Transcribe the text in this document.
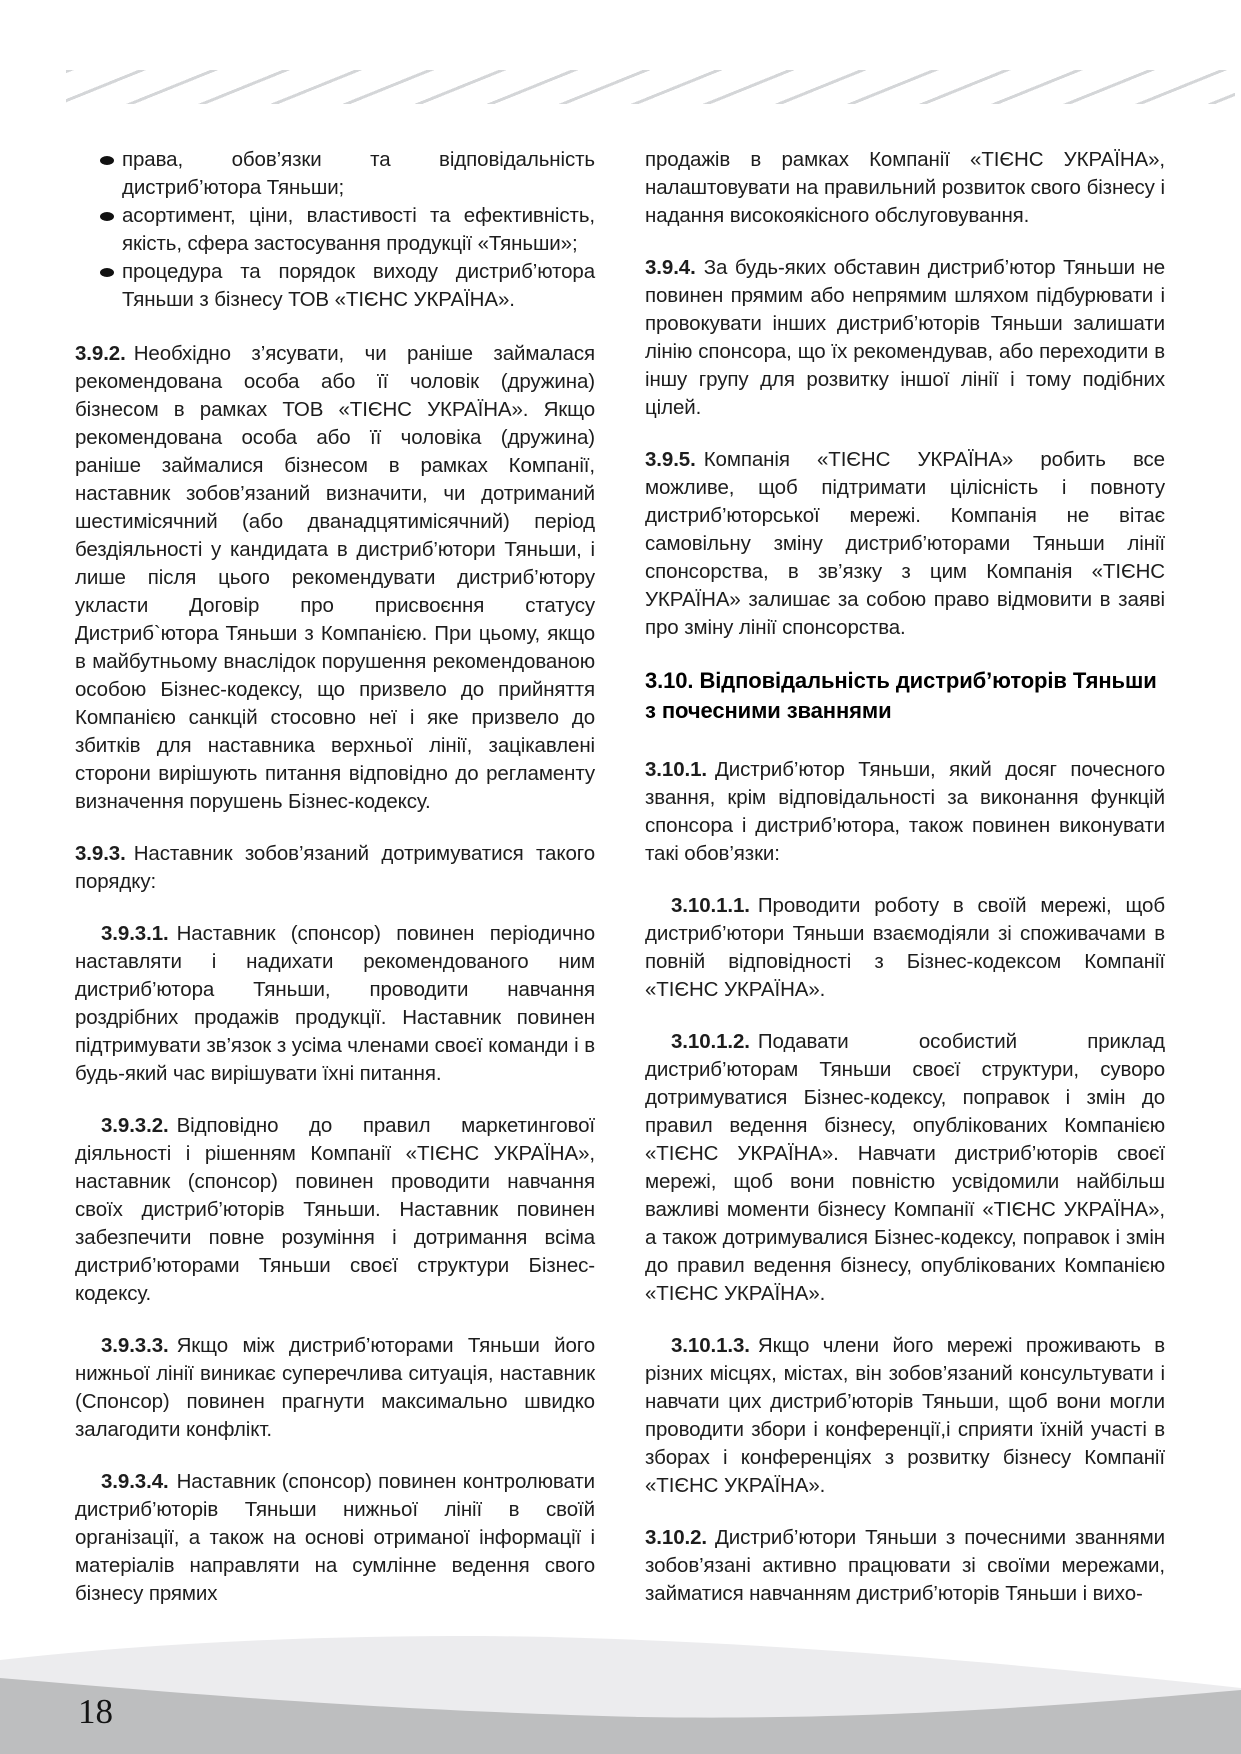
права, обов’язки та відповідальність дистриб’ютора Тяньши;
асортимент, ціни, властивості та ефективність, якість, сфера застосування продукції «Тяньши»;
процедура та порядок виходу дистриб’ютора Тяньши з бізнесу ТОВ «ТІЄНС УКРАЇНА».

3.9.2. Необхідно з’ясувати, чи раніше займалася рекомендована особа або її чоловік (дружина) бізнесом в рамках ТОВ «ТІЄНС УКРАЇНА». Якщо рекомендована особа або її чоловіка (дружина) раніше займалися бізнесом в рамках Компанії, наставник зобов’язаний визначити, чи дотриманий шестимісячний (або дванадцятимісячний) період бездіяльності у кандидата в дистриб’ютори Тяньши, і лише після цього рекомендувати дистриб’ютору укласти Договір про присвоєння статусу Дистриб`ютора Тяньши з Компанією. При цьому, якщо в майбутньому внаслідок порушення рекомендованою особою Бізнес-кодексу, що призвело до прийняття Компанією санкцій стосовно неї і яке призвело до збитків для наставника верхньої лінії, зацікавлені сторони вирішують питання відповідно до регламенту визначення порушень Бізнес-кодексу.

3.9.3. Наставник зобов’язаний дотримуватися такого порядку:

3.9.3.1. Наставник (спонсор) повинен періодично наставляти і надихати рекомендованого ним дистриб’ютора Тяньши, проводити навчання роздрібних продажів продукції. Наставник повинен підтримувати зв’язок з усіма членами своєї команди і в будь-який час вирішувати їхні питання.

3.9.3.2. Відповідно до правил маркетингової діяльності і рішенням Компанії «ТІЄНС УКРАЇНА», наставник (спонсор) повинен проводити навчання своїх дистриб’юторів Тяньши. Наставник повинен забезпечити повне розуміння і дотримання всіма дистриб’юторами Тяньши своєї структури Бізнес-кодексу.

3.9.3.3. Якщо між дистриб’юторами Тяньши його нижньої лінії виникає суперечлива ситуація, наставник (Спонсор) повинен прагнути максимально швидко залагодити конфлікт.

3.9.3.4. Наставник (спонсор) повинен контролювати дистриб’юторів Тяньши нижньої лінії в своїй організації, а також на основі отриманої інформації і матеріалів направляти на сумлінне ведення свого бізнесу прямих

продажів в рамках Компанії «ТІЄНС УКРАЇНА», налаштовувати на правильний розвиток свого бізнесу і надання високоякісного обслуговування.

3.9.4. За будь-яких обставин дистриб’ютор Тяньши не повинен прямим або непрямим шляхом підбурювати і провокувати інших дистриб’юторів Тяньши залишати лінію спонсора, що їх рекомендував, або переходити в іншу групу для розвитку іншої лінії і тому подібних цілей.

3.9.5. Компанія «ТІЄНС УКРАЇНА» робить все можливе, щоб підтримати цілісність і повноту дистриб’юторської мережі. Компанія не вітає самовільну зміну дистриб’юторами Тяньши лінії спонсорства, в зв’язку з цим Компанія «ТІЄНС УКРАЇНА» залишає за собою право відмовити в заяві про зміну лінії спонсорства.

3.10. Відповідальність дистриб’юторів Тяньши з почесними званнями

3.10.1. Дистриб’ютор Тяньши, який досяг почесного звання, крім відповідальності за виконання функцій спонсора і дистриб’ютора, також повинен виконувати такі обов’язки:

3.10.1.1. Проводити роботу в своїй мережі, щоб дистриб’ютори Тяньши взаємодіяли зі споживачами в повній відповідності з Бізнес-кодексом Компанії «ТІЄНС УКРАЇНА».

3.10.1.2. Подавати особистий приклад дистриб’юторам Тяньши своєї структури, суворо дотримуватися Бізнес-кодексу, поправок і змін до правил ведення бізнесу, опублікованих Компанією «ТІЄНС УКРАЇНА». Навчати дистриб’юторів своєї мережі, щоб вони повністю усвідомили найбільш важливі моменти бізнесу Компанії «ТІЄНС УКРАЇНА», а також дотримувалися Бізнес-кодексу, поправок і змін до правил ведення бізнесу, опублікованих Компанією «ТІЄНС УКРАЇНА».

3.10.1.3. Якщо члени його мережі проживають в різних місцях, містах, він зобов’язаний консультувати і навчати цих дистриб’юторів Тяньши, щоб вони могли проводити збори і конференції,і сприяти їхній участі в зборах і конференціях з розвитку бізнесу Компанії «ТІЄНС УКРАЇНА».

3.10.2. Дистриб’ютори Тяньши з почесними званнями зобов’язані активно працювати зі своїми мережами, займатися навчанням дистриб’юторів Тяньши і вихо-

18
